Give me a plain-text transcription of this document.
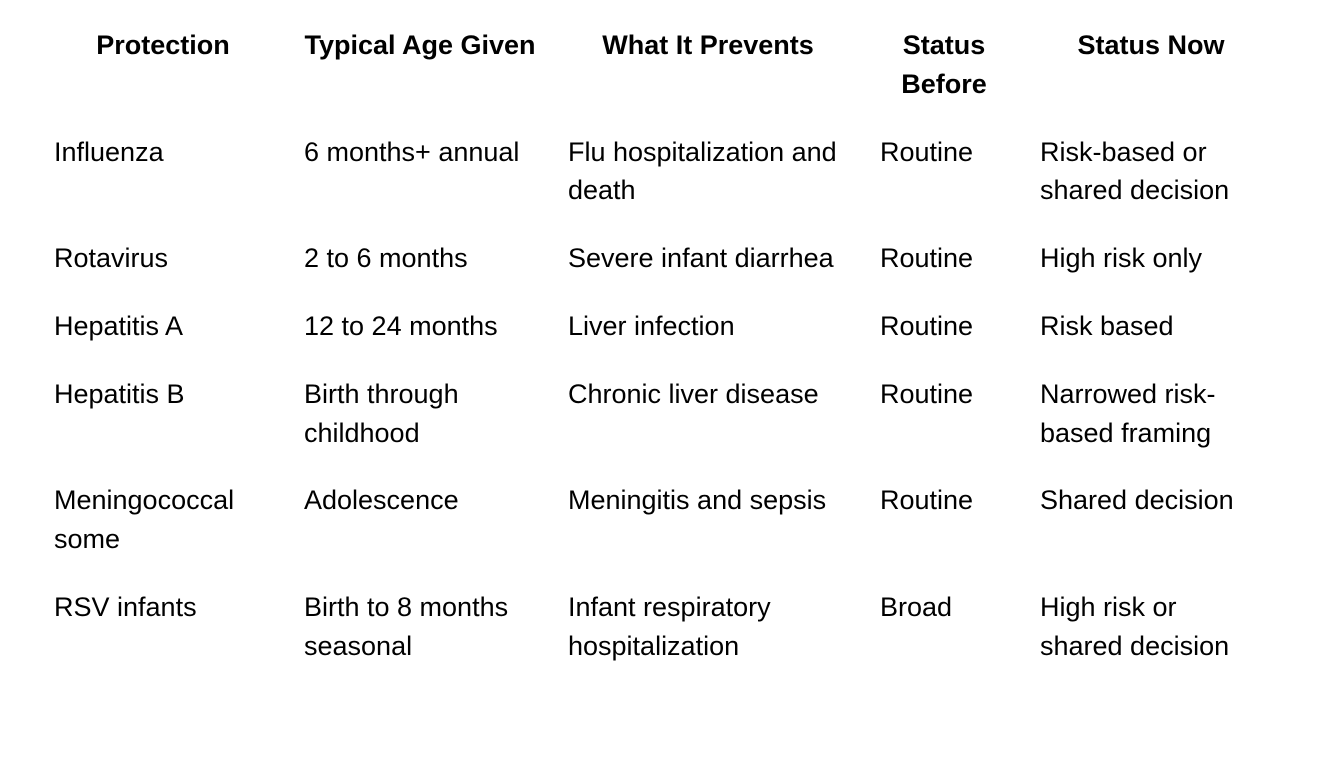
Protection	Typical Age Given	What It Prevents	Status Before	Status Now
Influenza	6 months+ annual	Flu hospitalization and death	Routine	Risk-based or shared decision
Rotavirus	2 to 6 months	Severe infant diarrhea	Routine	High risk only
Hepatitis A	12 to 24 months	Liver infection	Routine	Risk based
Hepatitis B	Birth through childhood	Chronic liver disease	Routine	Narrowed risk-based framing
Meningococcal some	Adolescence	Meningitis and sepsis	Routine	Shared decision
RSV infants	Birth to 8 months seasonal	Infant respiratory hospitalization	Broad	High risk or shared decision
